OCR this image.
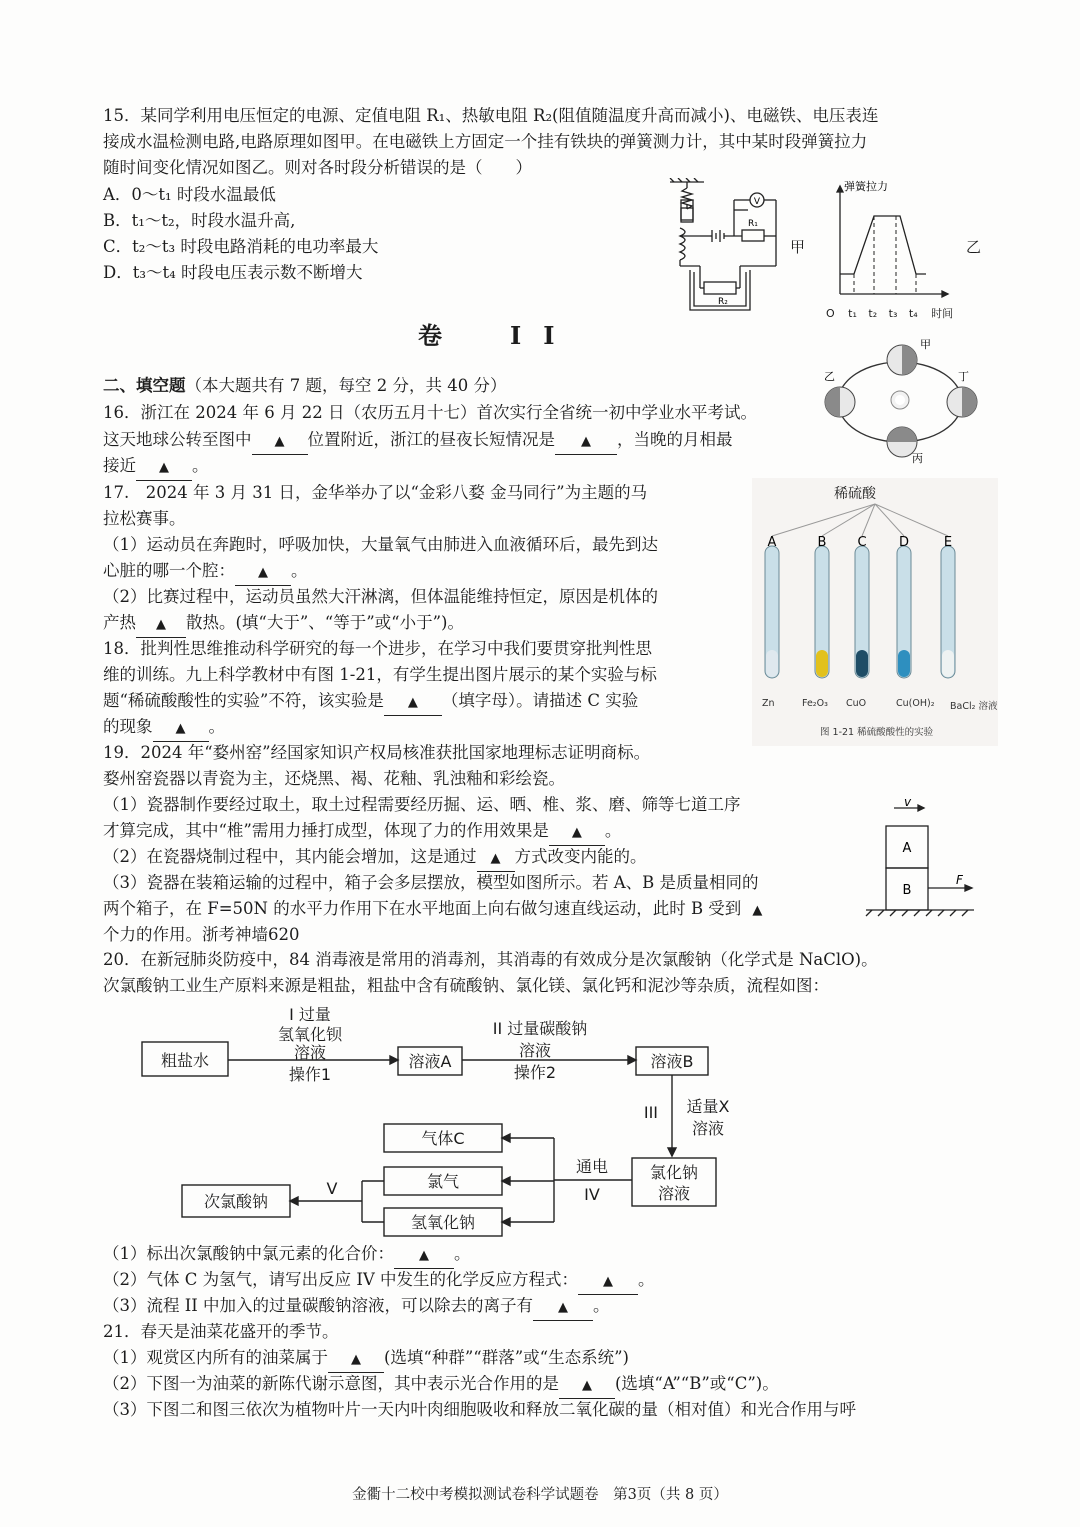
15．某同学利用电压恒定的电源、定值电阻 R₁、热敏电阻 R₂(阻值随温度升高而减小)、电磁铁、电压表连
接成水温检测电路,电路原理如图甲。在电磁铁上方固定一个挂有铁块的弹簧测力计，其中某时段弹簧拉力
随时间变化情况如图乙。则对各时段分析错误的是（　　）
A．0～t₁ 时段水温最低
B．t₁～t₂，时段水温升高,
C．t₂～t₃ 时段电路消耗的电功率最大
D．t₃～t₄ 时段电压表示数不断增大
V
R₁
R₂
甲
弹簧拉力
O t₁ t₂ t₃ t₄ 时间
乙
卷　II
二、填空题（本大题共有 7 题，每空 2 分，共 40 分）
16．浙江在 2024 年 6 月 22 日（农历五月十七）首次实行全省统一初中学业水平考试。
这天地球公转至图中 ▲ 位置附近，浙江的昼夜长短情况是 ▲ ，当晚的月相最
接近 ▲ 。
甲
乙
丙
丁
17.　2024 年 3 月 31 日，金华举办了以“金彩八婺 金马同行”为主题的马
拉松赛事。
（1）运动员在奔跑时，呼吸加快，大量氧气由肺进入血液循环后，最先到达
心脏的哪一个腔： ▲ 。
（2）比赛过程中，运动员虽然大汗淋漓，但体温能维持恒定，原因是机体的
产热 ▲ 散热。(填“大于”、“等于”或“小于”)。
18．批判性思维推动科学研究的每一个进步，在学习中我们要贯穿批判性思
维的训练。九上科学教材中有图 1-21，有学生提出图片展示的某个实验与标
题“稀硫酸酸性的实验”不符，该实验是 ▲ （填字母）。请描述 C 实验
的现象 ▲ 。
稀硫酸
A	B C D	E
Zn	Fe₂O₃ CuO	Cu(OH)₂ BaCl₂ 溶液
图 1-21 稀硫酸酸性的实验
19．2024 年“婺州窑”经国家知识产权局核准获批国家地理标志证明商标。
婺州窑瓷器以青瓷为主，还烧黑、褐、花釉、乳浊釉和彩绘瓷。
（1）瓷器制作要经过取土，取土过程需要经历掘、运、晒、椎、浆、磨、筛等七道工序
才算完成，其中“椎”需用力捶打成型，体现了力的作用效果是 ▲ 。
（2）在瓷器烧制过程中，其内能会增加，这是通过 ▲ 方式改变内能的。
（3）瓷器在装箱运输的过程中，箱子会多层摆放，模型如图所示。若 A、B 是质量相同的
两个箱子，在 F=50N 的水平力作用下在水平地面上向右做匀速直线运动，此时 B 受到 ▲
个力的作用。浙考神墙620
A
B
v
F
20．在新冠肺炎防疫中，84 消毒液是常用的消毒剂，其消毒的有效成分是次氯酸钠（化学式是 NaClO)。
次氯酸钠工业生产原料来源是粗盐，粗盐中含有硫酸钠、氯化镁、氯化钙和泥沙等杂质，流程如图：
粗盐水
I 过量
氢氧化钡
溶液
操作1
溶液A
II 过量碳酸钠
溶液
操作2
溶液B
III 适量X
溶液
氯化钠
溶液
通电
IV
气体C
氯气
氢氧化钠
V
次氯酸钠
（1）标出次氯酸钠中氯元素的化合价： ▲ 。
（2）气体 C 为氢气，请写出反应 IV 中发生的化学反应方程式： ▲ 。
（3）流程 II 中加入的过量碳酸钠溶液，可以除去的离子有 ▲ 。
21．春天是油菜花盛开的季节。
（1）观赏区内所有的油菜属于 ▲ (选填“种群”“群落”或“生态系统”)
（2）下图一为油菜的新陈代谢示意图，其中表示光合作用的是 ▲ (选填“A”“B”或“C”)。
（3）下图二和图三依次为植物叶片一天内叶肉细胞吸收和释放二氧化碳的量（相对值）和光合作用与呼
金衢十二校中考模拟测试卷科学试题卷　第3页（共 8 页）
